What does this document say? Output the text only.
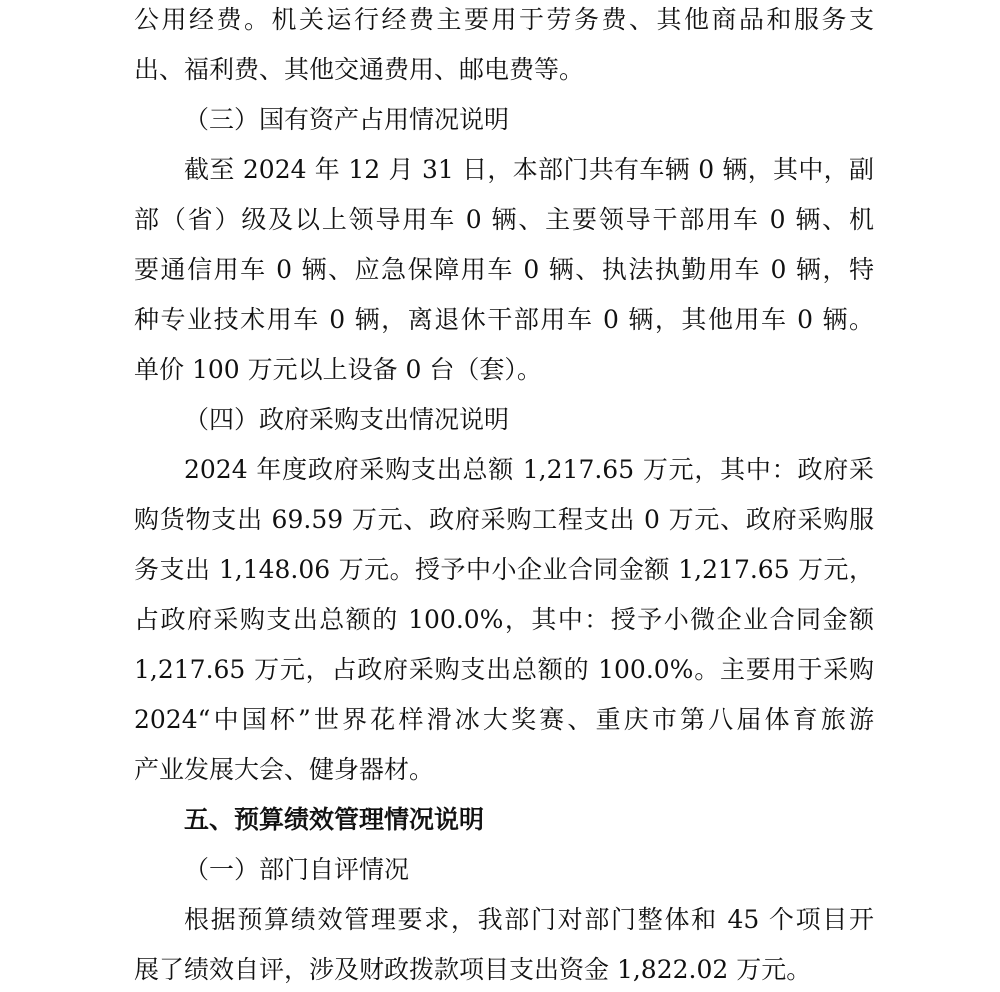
公用经费。机关运行经费主要用于劳务费、其他商品和服务支
出、福利费、其他交通费用、邮电费等。
（三）国有资产占用情况说明
截至 2024 年 12 月 31 日，本部门共有车辆 0 辆，其中，副
部（省）级及以上领导用车 0 辆、主要领导干部用车 0 辆、机
要通信用车 0 辆、应急保障用车 0 辆、执法执勤用车 0 辆，特
种专业技术用车 0 辆，离退休干部用车 0 辆，其他用车 0 辆。
单价 100 万元以上设备 0 台（套）。
（四）政府采购支出情况说明
2024 年度政府采购支出总额 1,217.65 万元，其中：政府采
购货物支出 69.59 万元、政府采购工程支出 0 万元、政府采购服
务支出 1,148.06 万元。授予中小企业合同金额 1,217.65 万元，
占政府采购支出总额的 100.0%，其中：授予小微企业合同金额
1,217.65 万元，占政府采购支出总额的 100.0%。主要用于采购
2024“中国杯”世界花样滑冰大奖赛、重庆市第八届体育旅游
产业发展大会、健身器材。
五、预算绩效管理情况说明
（一）部门自评情况
根据预算绩效管理要求，我部门对部门整体和 45 个项目开
展了绩效自评，涉及财政拨款项目支出资金 1,822.02 万元。
